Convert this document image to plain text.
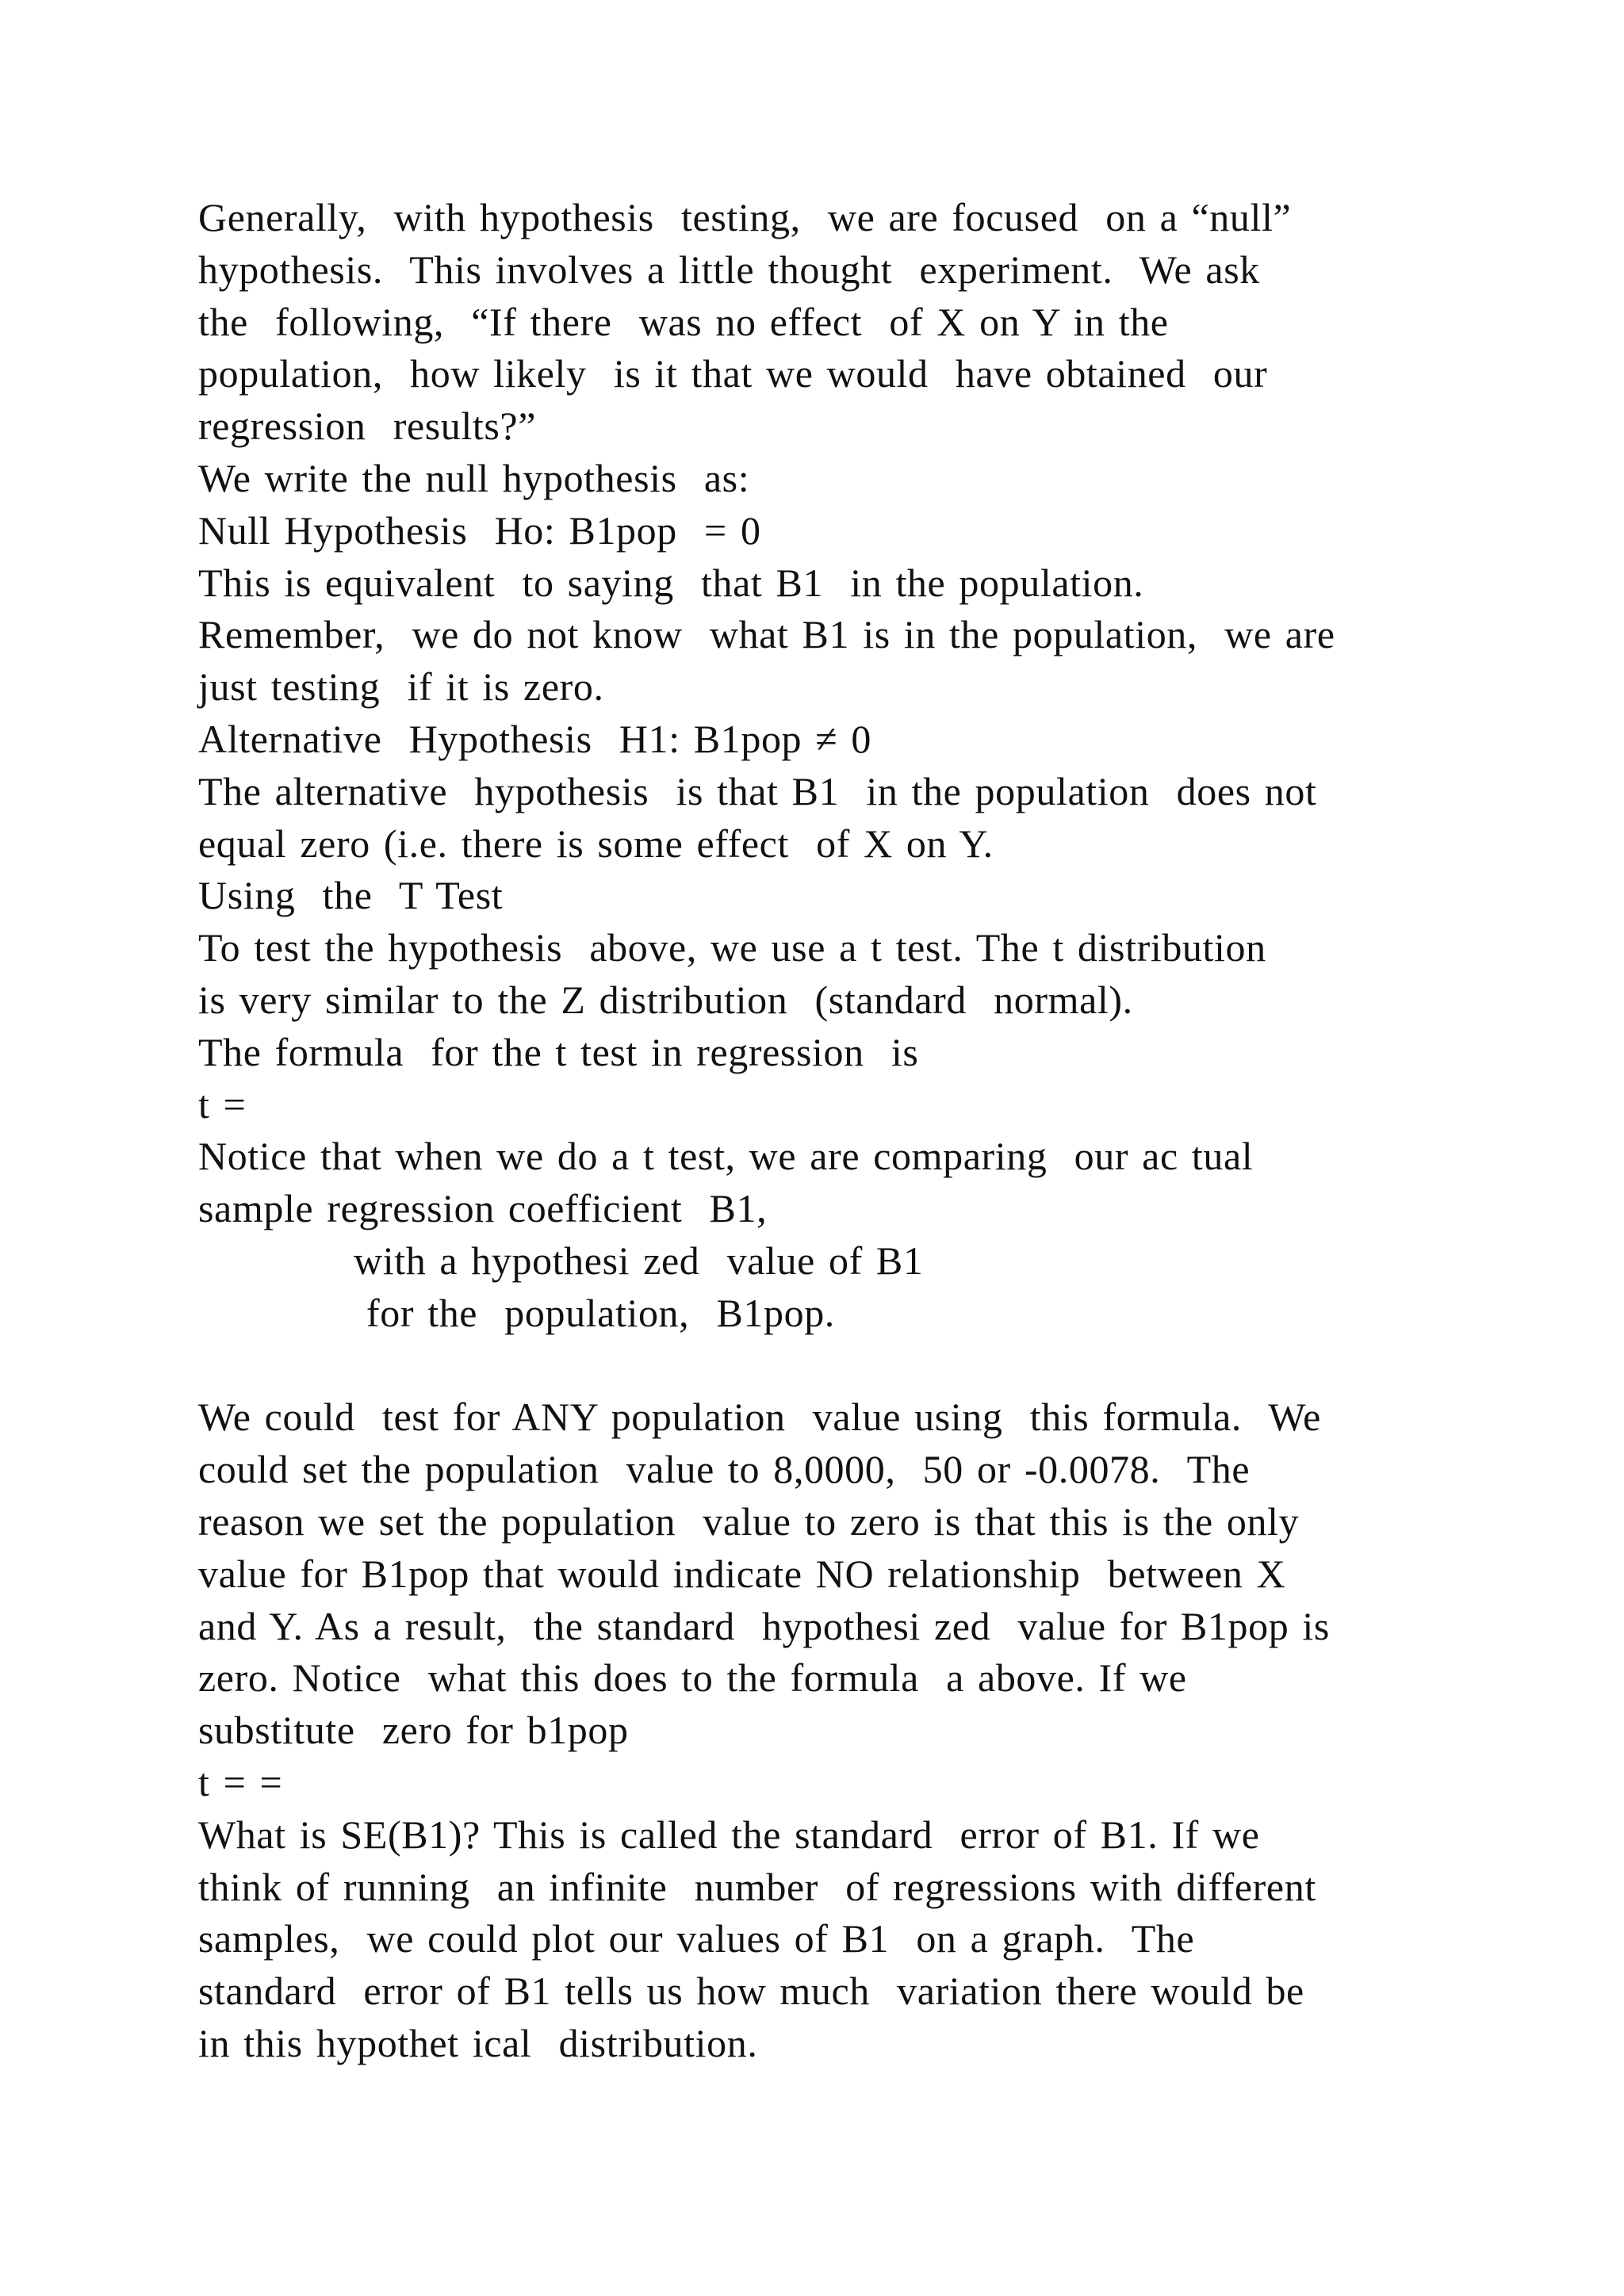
Generally,  with hypothesis  testing,  we are focused  on a “null”
hypothesis.  This involves a little thought  experiment.  We ask
the  following,  “If there  was no effect  of X on Y in the
population,  how likely  is it that we would  have obtained  our
regression  results?”
We write the null hypothesis  as:
Null Hypothesis  Ho: B1pop  = 0
This is equivalent  to saying  that B1  in the population.
Remember,  we do not know  what B1 is in the population,  we are
just testing  if it is zero.
Alternative  Hypothesis  H1: B1pop ≠ 0
The alternative  hypothesis  is that B1  in the population  does not
equal zero (i.e. there is some effect  of X on Y.
Using  the  T Test
To test the hypothesis  above, we use a t test. The t distribution
is very similar to the Z distribution  (standard  normal).
The formula  for the t test in regression  is
t =
Notice that when we do a t test, we are comparing  our ac tual
sample regression coefficient  B1,
with a hypothesi zed  value of B1
for the  population,  B1pop.
We could  test for ANY population  value using  this formula.  We
could set the population  value to 8,0000,  50 or -0.0078.  The
reason we set the population  value to zero is that this is the only
value for B1pop that would indicate NO relationship  between X
and Y. As a result,  the standard  hypothesi zed  value for B1pop is
zero. Notice  what this does to the formula  a above. If we
substitute  zero for b1pop
t = =
What is SE(B1)? This is called the standard  error of B1. If we
think of running  an infinite  number  of regressions with different
samples,  we could plot our values of B1  on a graph.  The
standard  error of B1 tells us how much  variation there would be
in this hypothet ical  distribution.
